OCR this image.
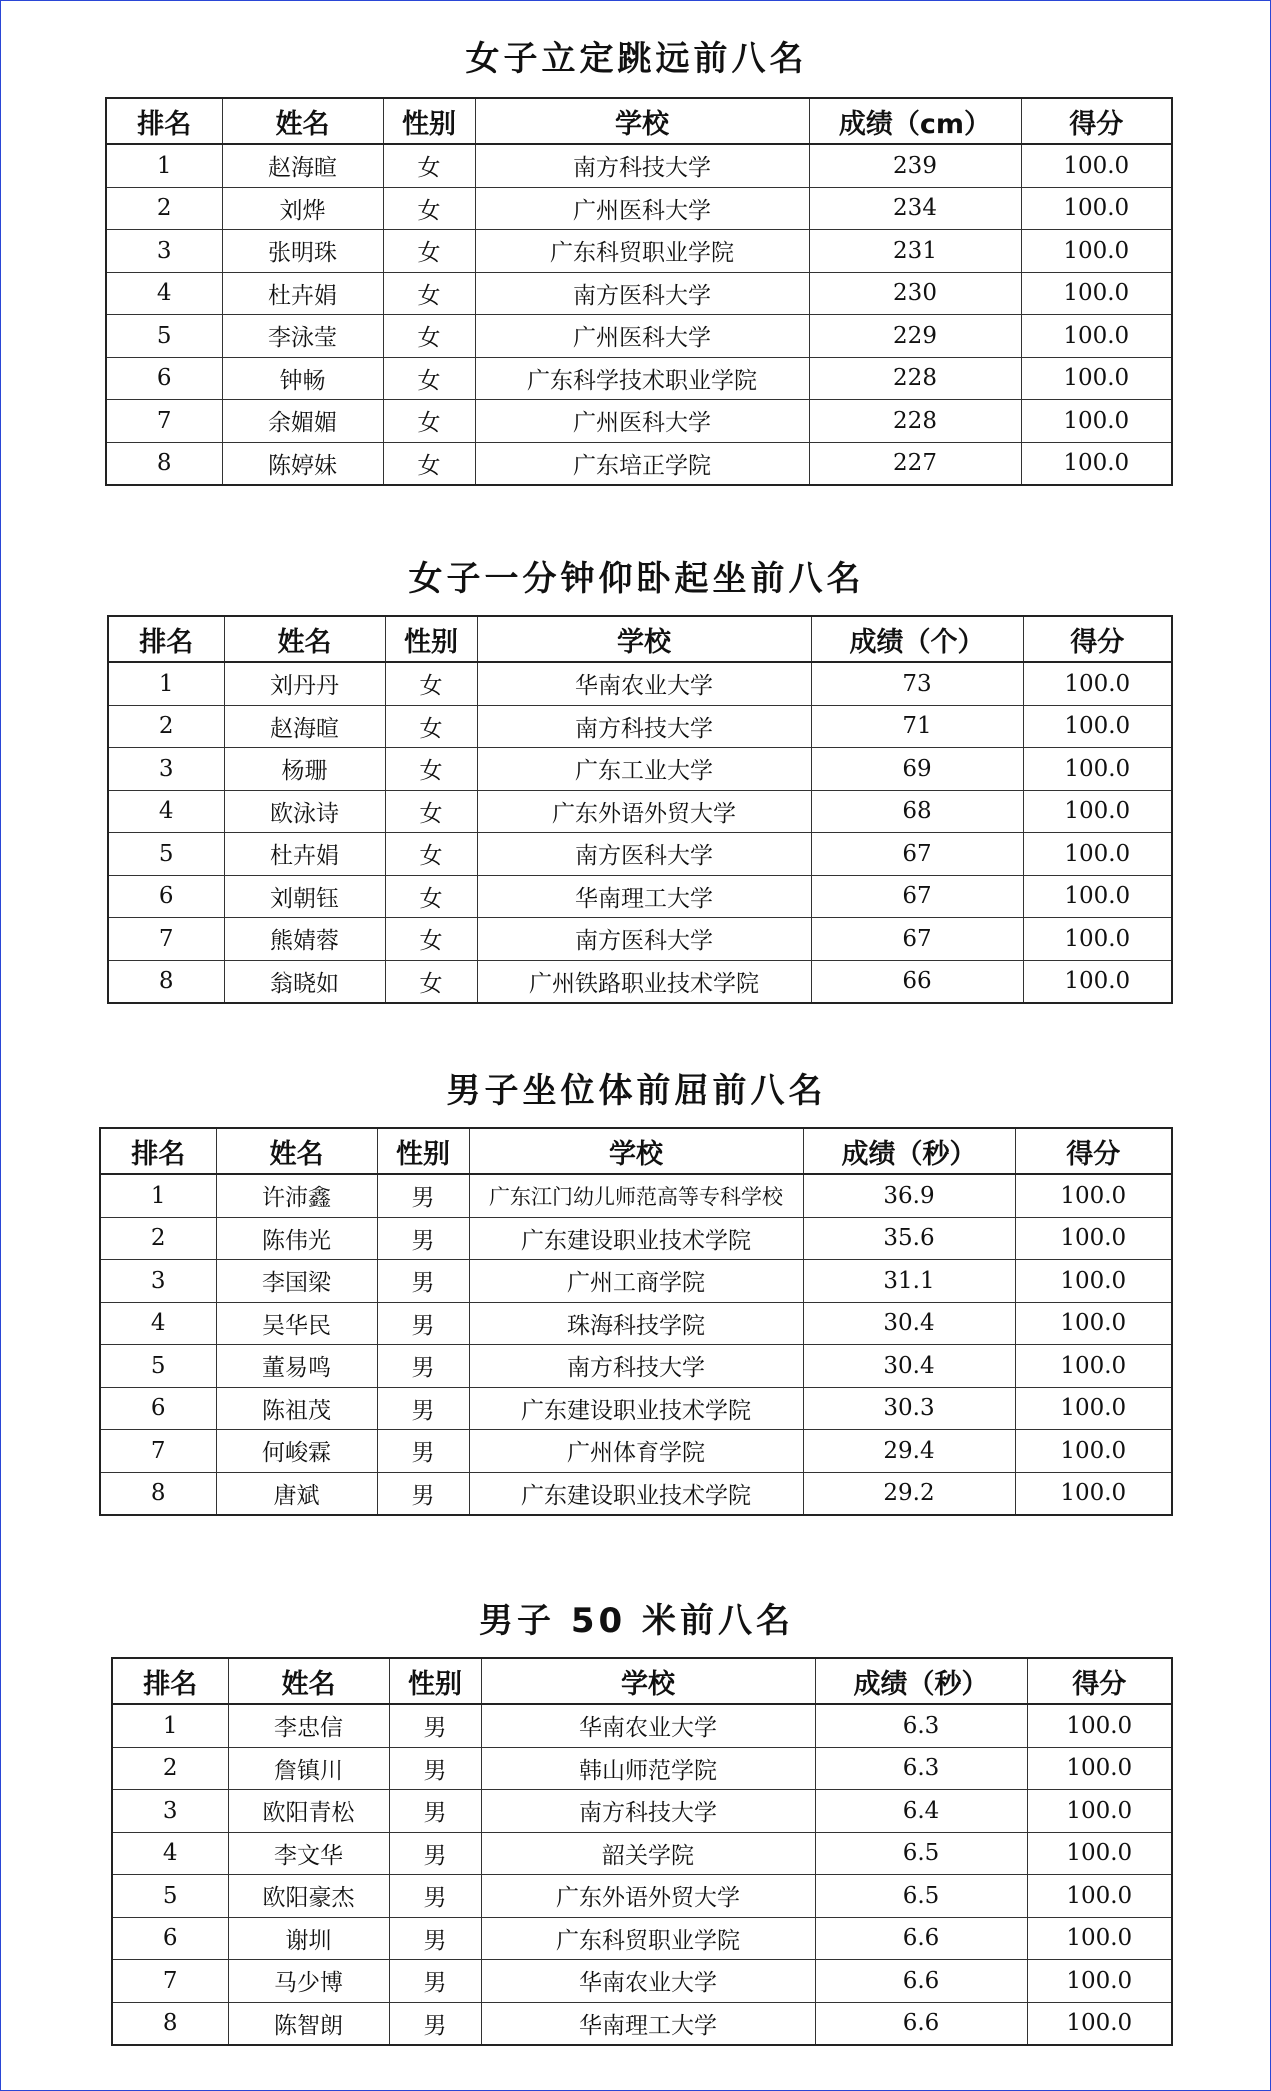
女子立定跳远前八名
排名	姓名	性别	学校	成绩（cm）	得分
1	赵海暄	女	南方科技大学	239	100.0
2	刘烨	女	广州医科大学	234	100.0
3	张明珠	女	广东科贸职业学院	231	100.0
4	杜卉娟	女	南方医科大学	230	100.0
5	李泳莹	女	广州医科大学	229	100.0
6	钟畅	女	广东科学技术职业学院	228	100.0
7	余媚媚	女	广州医科大学	228	100.0
8	陈婷妹	女	广东培正学院	227	100.0
女子一分钟仰卧起坐前八名
排名	姓名	性别	学校	成绩（个）	得分
1	刘丹丹	女	华南农业大学	73	100.0
2	赵海暄	女	南方科技大学	71	100.0
3	杨珊	女	广东工业大学	69	100.0
4	欧泳诗	女	广东外语外贸大学	68	100.0
5	杜卉娟	女	南方医科大学	67	100.0
6	刘朝钰	女	华南理工大学	67	100.0
7	熊婧蓉	女	南方医科大学	67	100.0
8	翁晓如	女	广州铁路职业技术学院	66	100.0
男子坐位体前屈前八名
排名	姓名	性别	学校	成绩（秒）	得分
1	许沛鑫	男	广东江门幼儿师范高等专科学校	36.9	100.0
2	陈伟光	男	广东建设职业技术学院	35.6	100.0
3	李国梁	男	广州工商学院	31.1	100.0
4	吴华民	男	珠海科技学院	30.4	100.0
5	董易鸣	男	南方科技大学	30.4	100.0
6	陈祖茂	男	广东建设职业技术学院	30.3	100.0
7	何峻霖	男	广州体育学院	29.4	100.0
8	唐斌	男	广东建设职业技术学院	29.2	100.0
男子 50 米前八名
排名	姓名	性别	学校	成绩（秒）	得分
1	李忠信	男	华南农业大学	6.3	100.0
2	詹镇川	男	韩山师范学院	6.3	100.0
3	欧阳青松	男	南方科技大学	6.4	100.0
4	李文华	男	韶关学院	6.5	100.0
5	欧阳豪杰	男	广东外语外贸大学	6.5	100.0
6	谢圳	男	广东科贸职业学院	6.6	100.0
7	马少博	男	华南农业大学	6.6	100.0
8	陈智朗	男	华南理工大学	6.6	100.0
